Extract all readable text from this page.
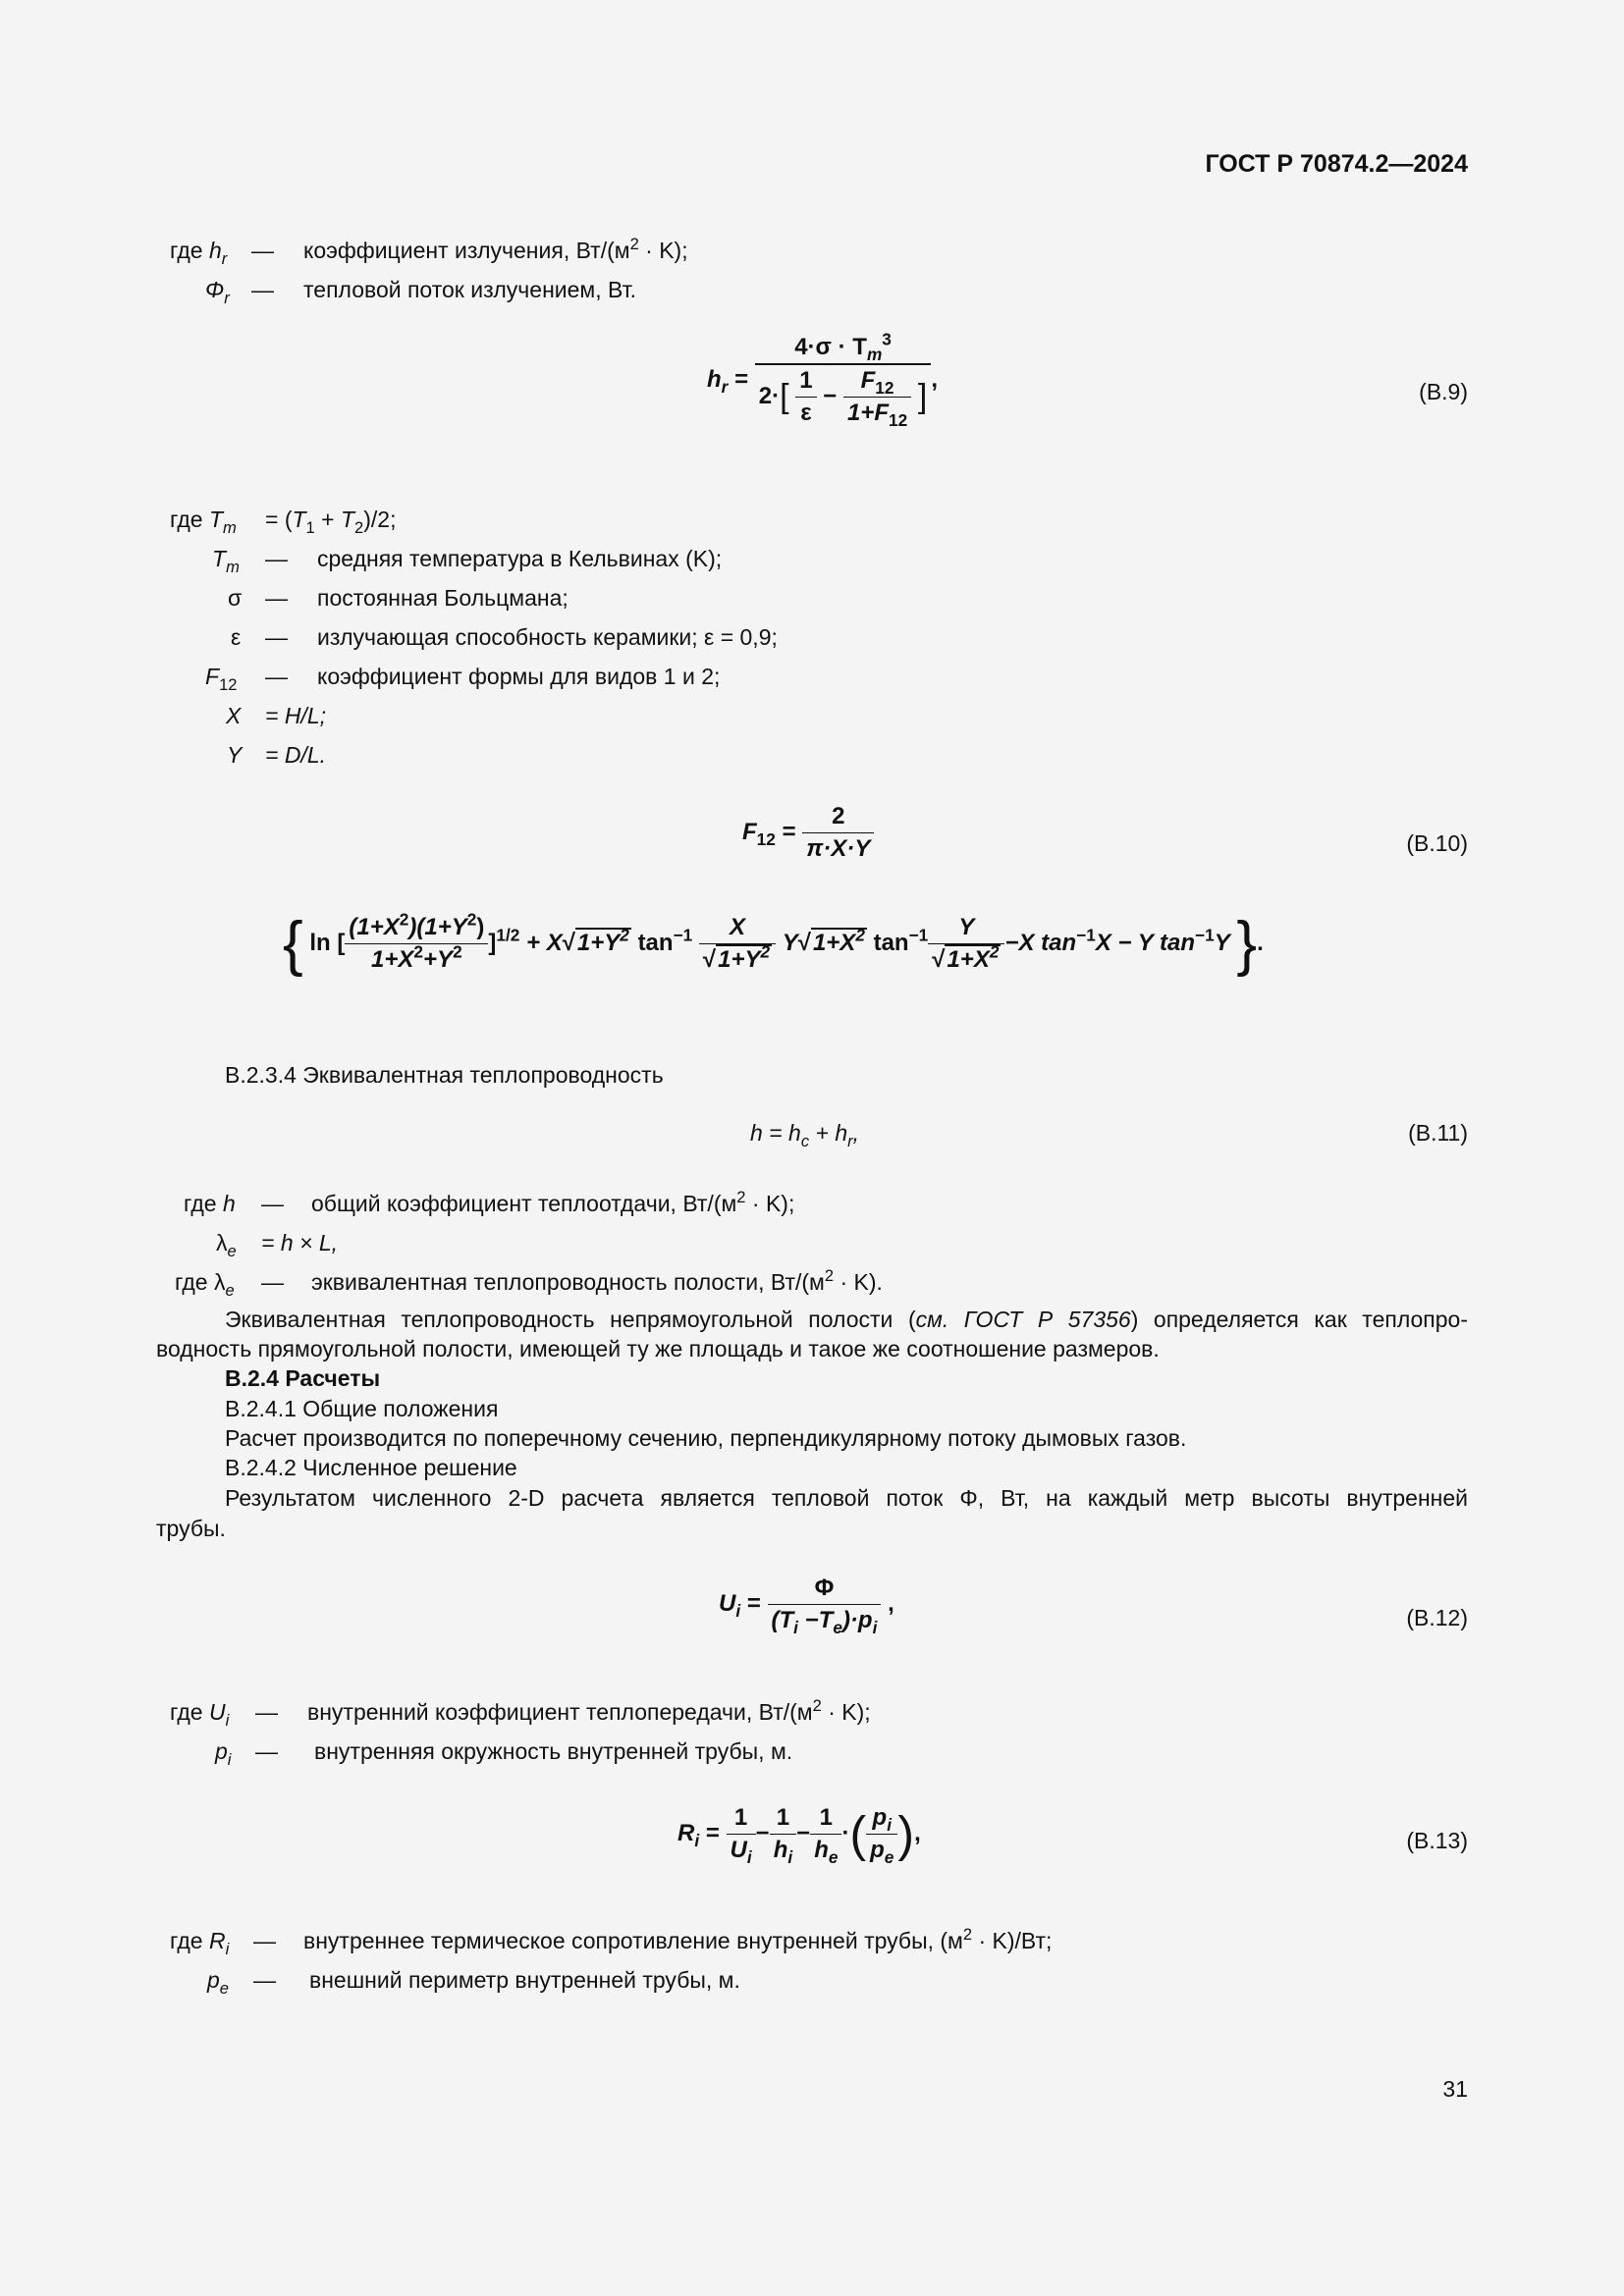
ГОСТ Р 70874.2—2024
где $h_r$ — коэффициент излучения, $Вт/(м^2 \cdot K)$;
$\Phi_r$ — тепловой поток излучением, Вт.
$h_r = \frac{4\cdot\sigma \cdot T_m^3}{2\cdot[ \frac{1}{\varepsilon} - \frac{F_{12}}{1+F_{12}} ]}$ ,	(В.9)
где $T_m = (T_1 + T_2)/2$;
$T_m$ — средняя температура в Кельвинах (K);
σ — постоянная Больцмана;
ε — излучающая способность керамики; ε = 0,9;
$F_{12}$ — коэффициент формы для видов 1 и 2;
X = H/L;
Y = D/L.
$F_{12} = \frac{2}{\pi\cdot X\cdot Y}$	(В.10)
{ ln [ $\frac{(1+X^2)(1+Y^2)}{1+X^2+Y^2} ]^{1/2} + X√1+Y^2$ $\tan^{-1} \frac{X}{√1+Y^2} Y√1+X^2$ $\tan^{-1} \frac{Y}{√1+X^2} -X$ $\tan^{-1}X - Y$ $\tan^{-1}Y$ }.
В.2.3.4 Эквивалентная теплопроводность
$h = h_c + h_r$,	(В.11)
где h — общий коэффициент теплоотдачи, $Вт/(м^2 \cdot K)$;
$\lambda_e = h \times L$,
где $\lambda_e$ — эквивалентная теплопроводность полости, $Вт/(м^2 \cdot K)$.
Эквивалентная теплопроводность непрямоугольной полости (см. ГОСТ Р 57356) определяется как теплопро-
водность прямоугольной полости, имеющей ту же площадь и такое же соотношение размеров.
В.2.4 Расчеты
В.2.4.1 Общие положения
Расчет производится по поперечному сечению, перпендикулярному потоку дымовых газов.
В.2.4.2 Численное решение
Результатом численного 2-D расчета является тепловой поток Φ, Вт, на каждый метр высоты внутренней
трубы.
$U_i = \frac{\Phi}{(T_i -T_e)\cdot p_i}$ ,
(В.12)
где $U_i$ — внутренний коэффициент теплопередачи, $Вт/(м^2 \cdot K)$;
$p_i$ — внутренняя окружность внутренней трубы, м.
$R_i = \frac{1}{U_i} - \frac{1}{h_i} - \frac{1}{h_e}$ ·( $\frac{p_i}{p_e}$ ),	(В.13)
где $R_i$ — внутреннее термическое сопротивление внутренней трубы, $(м^2 \cdot K)/Вт$;
$p_e$ — внешний периметр внутренней трубы, м.
31
